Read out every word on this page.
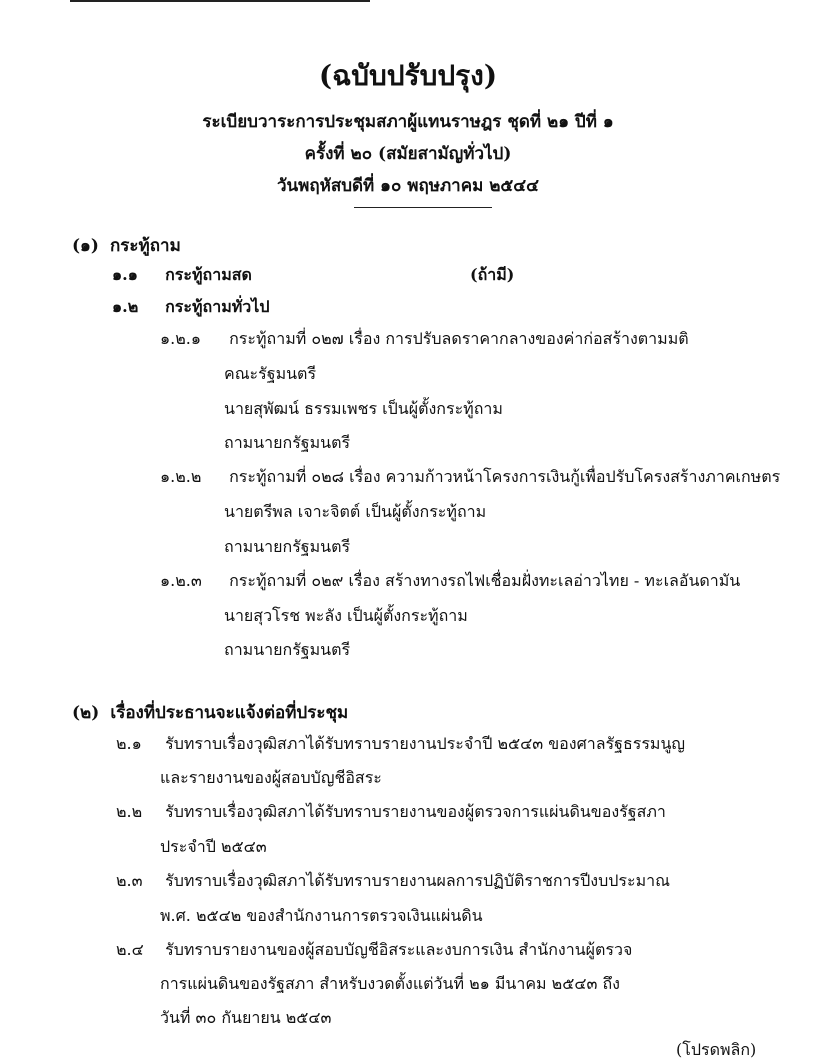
(ฉบับปรับปรุง)

ระเบียบวาระการประชุมสภาผู้แทนราษฎร ชุดที่ ๒๑ ปีที่ ๑

ครั้งที่ ๒๐ (สมัยสามัญทั่วไป)

วันพฤหัสบดีที่ ๑๐ พฤษภาคม ๒๕๔๔

(๑) กระทู้ถาม
๑.๑ กระทู้ถามสด	(ถ้ามี)
๑.๒ กระทู้ถามทั่วไป
๑.๒.๑ กระทู้ถามที่ ๐๒๗ เรื่อง การปรับลดราคากลางของค่าก่อสร้างตามมติ
คณะรัฐมนตรี
นายสุพัฒน์ ธรรมเพชร เป็นผู้ตั้งกระทู้ถาม
ถามนายกรัฐมนตรี
๑.๒.๒ กระทู้ถามที่ ๐๒๘ เรื่อง ความก้าวหน้าโครงการเงินกู้เพื่อปรับโครงสร้างภาคเกษตร
นายตรีพล เจาะจิตต์ เป็นผู้ตั้งกระทู้ถาม
ถามนายกรัฐมนตรี
๑.๒.๓ กระทู้ถามที่ ๐๒๙ เรื่อง สร้างทางรถไฟเชื่อมฝั่งทะเลอ่าวไทย - ทะเลอันดามัน
นายสุวโรช พะลัง เป็นผู้ตั้งกระทู้ถาม
ถามนายกรัฐมนตรี
(๒) เรื่องที่ประธานจะแจ้งต่อที่ประชุม
๒.๑ รับทราบเรื่องวุฒิสภาได้รับทราบรายงานประจำปี ๒๕๔๓ ของศาลรัฐธรรมนูญ
และรายงานของผู้สอบบัญชีอิสระ
๒.๒ รับทราบเรื่องวุฒิสภาได้รับทราบรายงานของผู้ตรวจการแผ่นดินของรัฐสภา
ประจำปี ๒๕๔๓
๒.๓ รับทราบเรื่องวุฒิสภาได้รับทราบรายงานผลการปฏิบัติราชการปีงบประมาณ
พ.ศ. ๒๕๔๒ ของสำนักงานการตรวจเงินแผ่นดิน
๒.๔ รับทราบรายงานของผู้สอบบัญชีอิสระและงบการเงิน สำนักงานผู้ตรวจ
การแผ่นดินของรัฐสภา สำหรับงวดตั้งแต่วันที่ ๒๑ มีนาคม ๒๕๔๓ ถึง
วันที่ ๓๐ กันยายน ๒๕๔๓
(โปรดพลิก)
